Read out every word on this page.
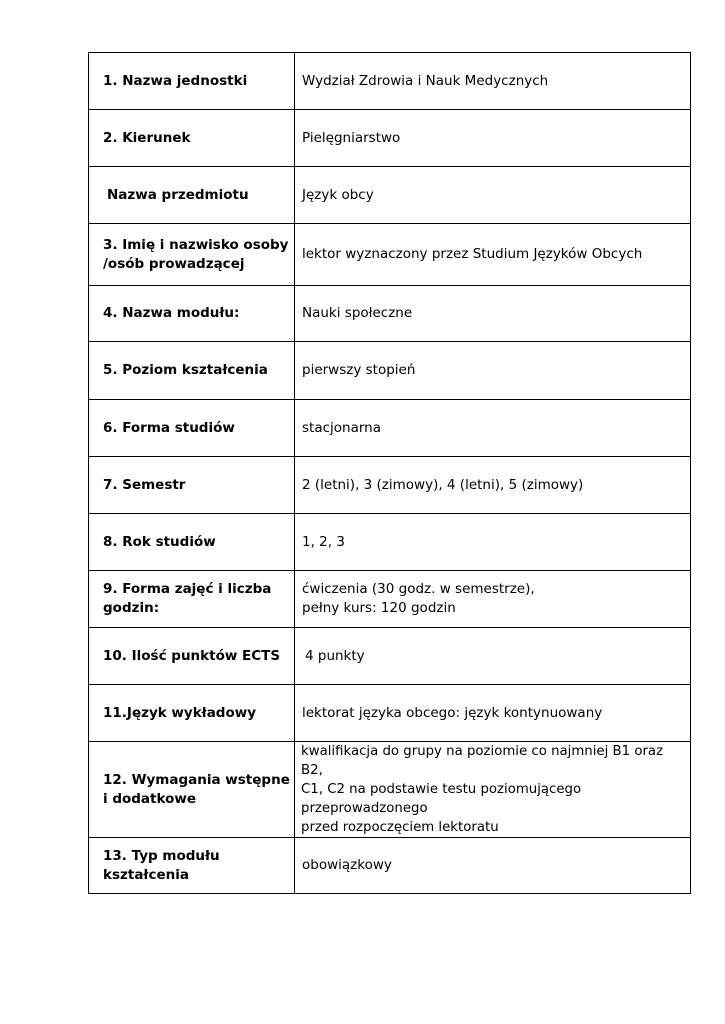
1. Nazwa jednostki	Wydział Zdrowia i Nauk Medycznych

2. Kierunek	Pielęgniarstwo

Nazwa przedmiotu	Język obcy

3. Imię i nazwisko osoby /osób prowadzącej	lektor wyznaczony przez Studium Języków Obcych

4. Nazwa modułu:	Nauki społeczne

5. Poziom kształcenia	pierwszy stopień

6. Forma studiów	stacjonarna

7. Semestr	2 (letni), 3 (zimowy), 4 (letni), 5 (zimowy)

8. Rok studiów	1, 2, 3

9. Forma zajęć i liczba godzin:	ćwiczenia (30 godz. w semestrze),
pełny kurs: 120 godzin

10. Ilość punktów ECTS	4 punkty

11.Język wykładowy	lektorat języka obcego: język kontynuowany

12. Wymagania wstępne i dodatkowe	kwalifikacja do grupy na poziomie co najmniej B1 oraz B2,
C1, C2 na podstawie testu poziomującego przeprowadzonego
przed rozpoczęciem lektoratu

13. Typ modułu kształcenia	obowiązkowy
